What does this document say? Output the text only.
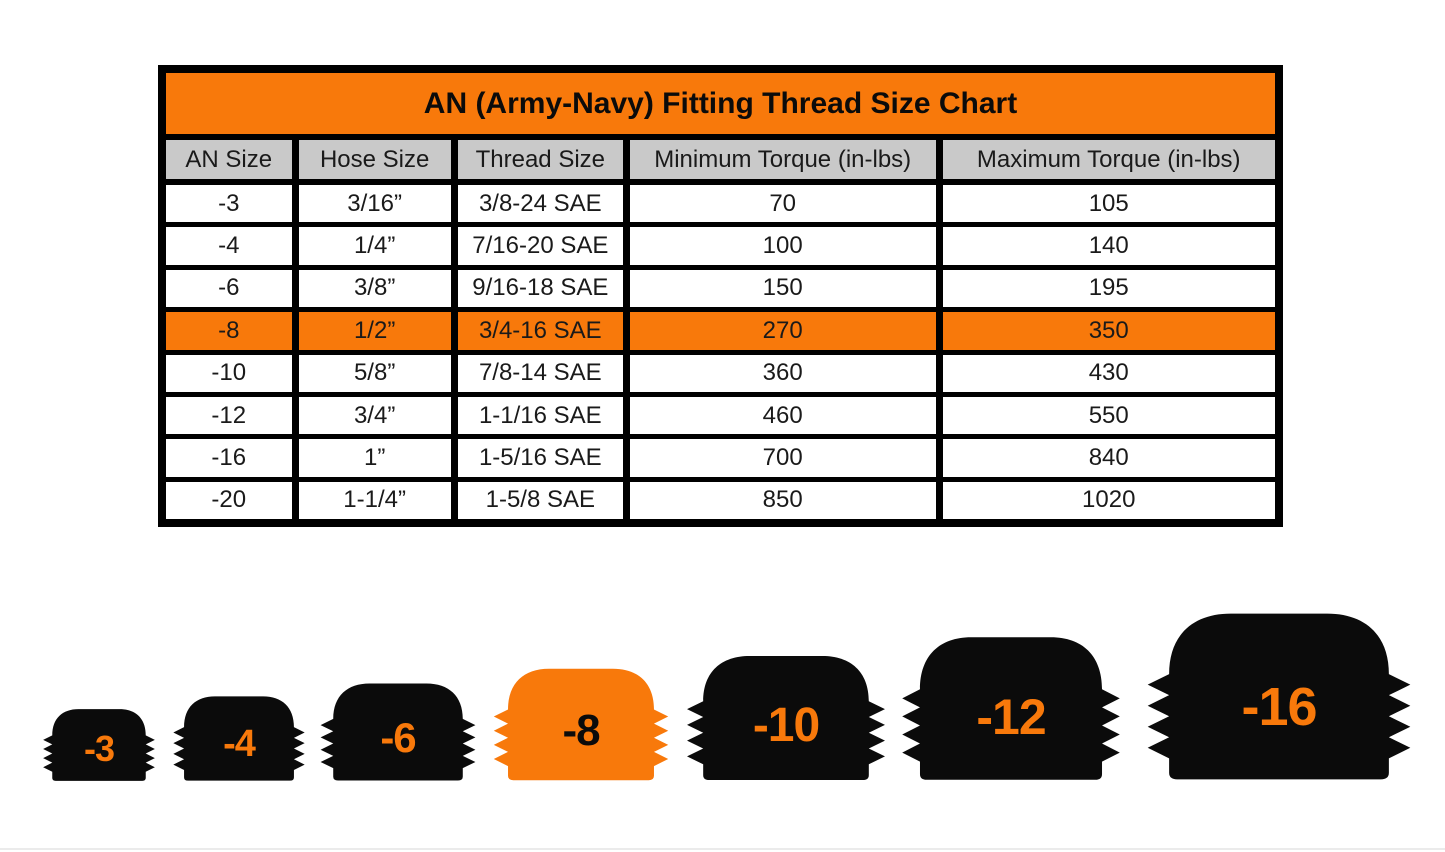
AN (Army-Navy) Fitting Thread Size Chart
AN Size	Hose Size	Thread Size	Minimum Torque (in-lbs)	Maximum Torque (in-lbs)
-3	3/16”	3/8-24 SAE	70	105
-4	1/4”	7/16-20 SAE	100	140
-6	3/8”	9/16-18 SAE	150	195
-8	1/2”	3/4-16 SAE	270	350
-10	5/8”	7/8-14 SAE	360	430
-12	3/4”	1-1/16 SAE	460	550
-16	1”	1-5/16 SAE	700	840
-20	1-1/4”	1-5/8 SAE	850	1020
-3	-4	-6	-8	-10	-12	-16
